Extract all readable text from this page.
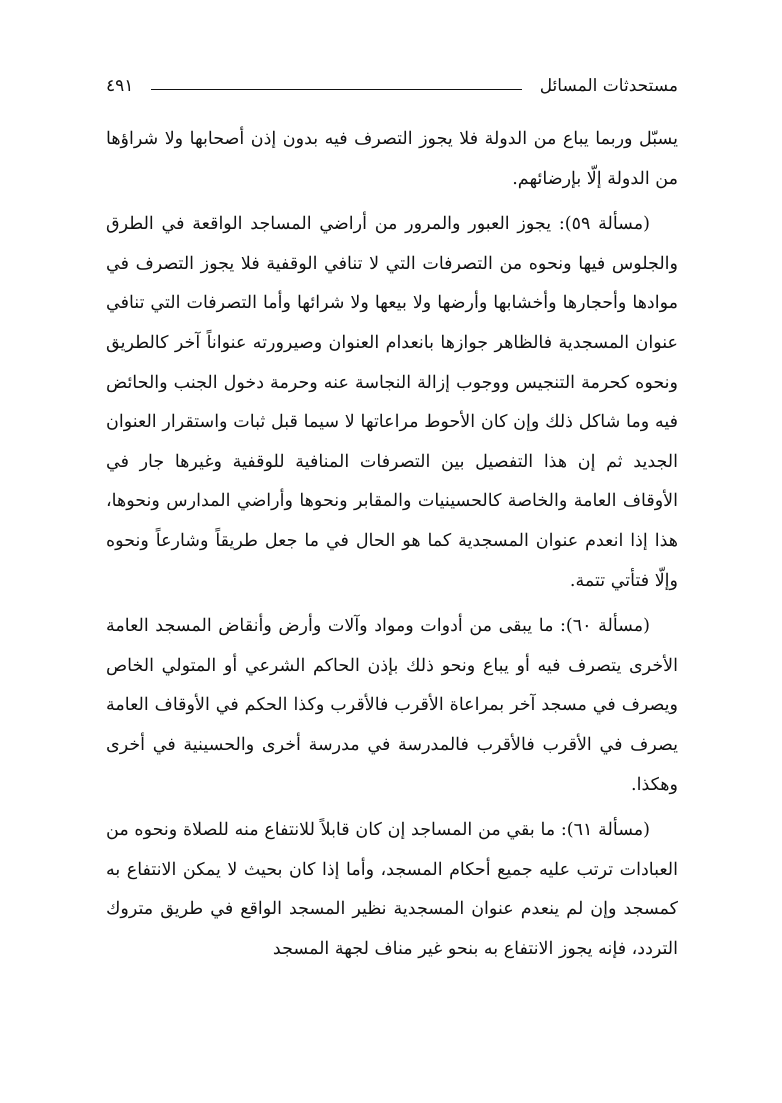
مستحدثات المسائل
٤٩١

يسبّل وربما يباع من الدولة فلا يجوز التصرف فيه بدون إذن أصحابها ولا شراؤها من الدولة إلّا بإرضائهم.

(مسألة ٥٩): يجوز العبور والمرور من أراضي المساجد الواقعة في الطرق والجلوس فيها ونحوه من التصرفات التي لا تنافي الوقفية فلا يجوز التصرف في موادها وأحجارها وأخشابها وأرضها ولا بيعها ولا شرائها وأما التصرفات التي تنافي عنوان المسجدية فالظاهر جوازها بانعدام العنوان وصيرورته عنواناً آخر كالطريق ونحوه كحرمة التنجيس ووجوب إزالة النجاسة عنه وحرمة دخول الجنب والحائض فيه وما شاكل ذلك وإن كان الأحوط مراعاتها لا سيما قبل ثبات واستقرار العنوان الجديد ثم إن هذا التفصيل بين التصرفات المنافية للوقفية وغيرها جار في الأوقاف العامة والخاصة كالحسينيات والمقابر ونحوها وأراضي المدارس ونحوها، هذا إذا انعدم عنوان المسجدية كما هو الحال في ما جعل طريقاً وشارعاً ونحوه وإلّا فتأتي تتمة.

(مسألة ٦٠): ما يبقى من أدوات ومواد وآلات وأرض وأنقاض المسجد العامة الأخرى يتصرف فيه أو يباع ونحو ذلك بإذن الحاكم الشرعي أو المتولي الخاص ويصرف في مسجد آخر بمراعاة الأقرب فالأقرب وكذا الحكم في الأوقاف العامة يصرف في الأقرب فالأقرب فالمدرسة في مدرسة أخرى والحسينية في أخرى وهكذا.

(مسألة ٦١): ما بقي من المساجد إن كان قابلاً للانتفاع منه للصلاة ونحوه من العبادات ترتب عليه جميع أحكام المسجد، وأما إذا كان بحيث لا يمكن الانتفاع به كمسجد وإن لم ينعدم عنوان المسجدية نظير المسجد الواقع في طريق متروك التردد، فإنه يجوز الانتفاع به بنحو غير مناف لجهة المسجد
